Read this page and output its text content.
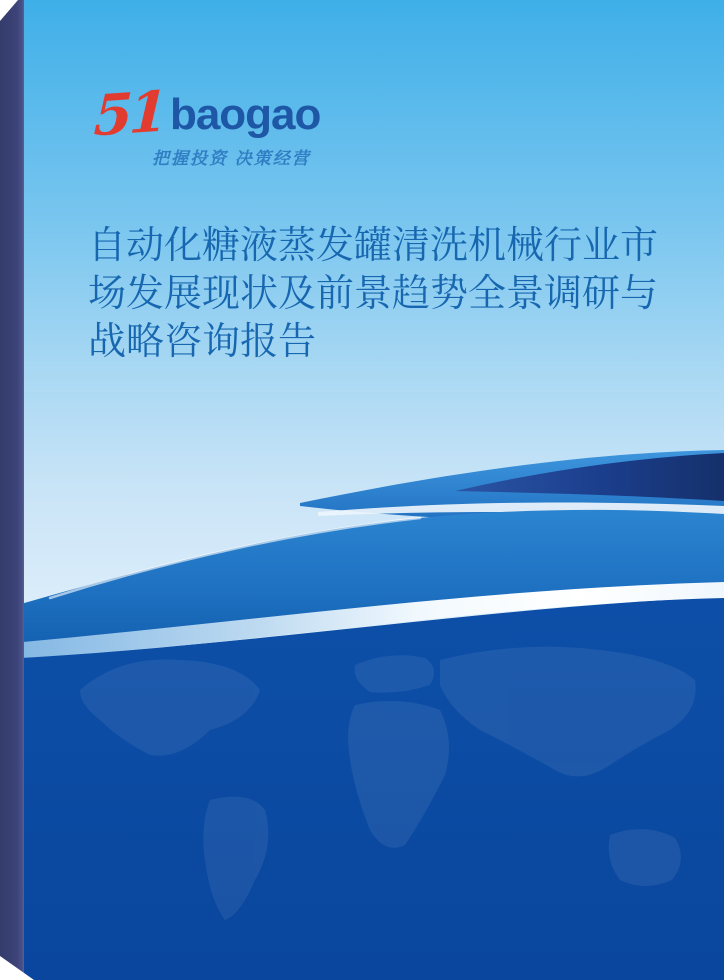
51 baogao
把握投资 决策经营
自动化糖液蒸发罐清洗机械行业市场发展现状及前景趋势全景调研与战略咨询报告
